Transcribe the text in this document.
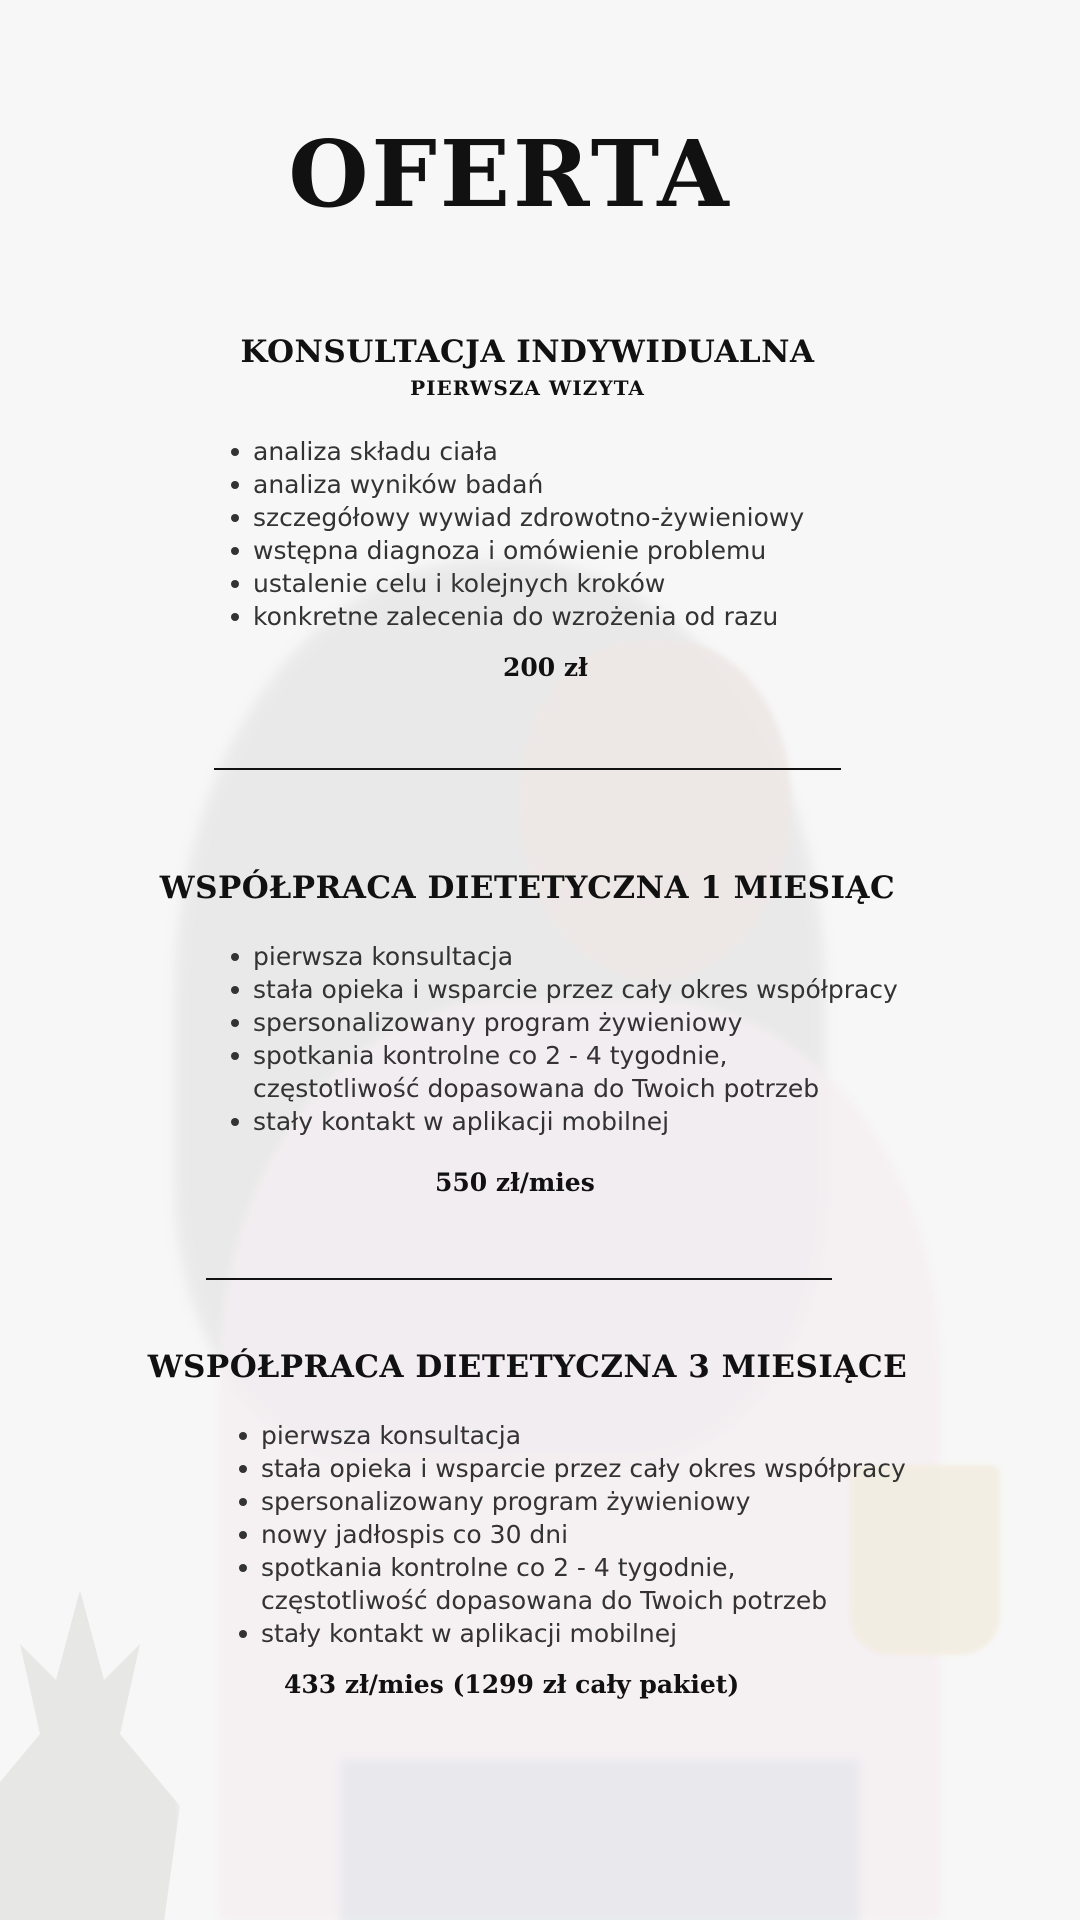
OFERTA
KONSULTACJA INDYWIDUALNA
PIERWSZA WIZYTA
analiza składu ciała
analiza wyników badań
szczegółowy wywiad zdrowotno-żywieniowy
wstępna diagnoza i omówienie problemu
ustalenie celu i kolejnych kroków
konkretne zalecenia do wzrożenia od razu
200 zł
WSPÓŁPRACA DIETETYCZNA 1 MIESIĄC
pierwsza konsultacja
stała opieka i wsparcie przez cały okres współpracy
spersonalizowany program żywieniowy
spotkania kontrolne co 2 - 4 tygodnie,
częstotliwość dopasowana do Twoich potrzeb
stały kontakt w aplikacji mobilnej
550 zł/mies
WSPÓŁPRACA DIETETYCZNA 3 MIESIĄCE
pierwsza konsultacja
stała opieka i wsparcie przez cały okres współpracy
spersonalizowany program żywieniowy
nowy jadłospis co 30 dni
spotkania kontrolne co 2 - 4 tygodnie,
częstotliwość dopasowana do Twoich potrzeb
stały kontakt w aplikacji mobilnej
433 zł/mies (1299 zł cały pakiet)
